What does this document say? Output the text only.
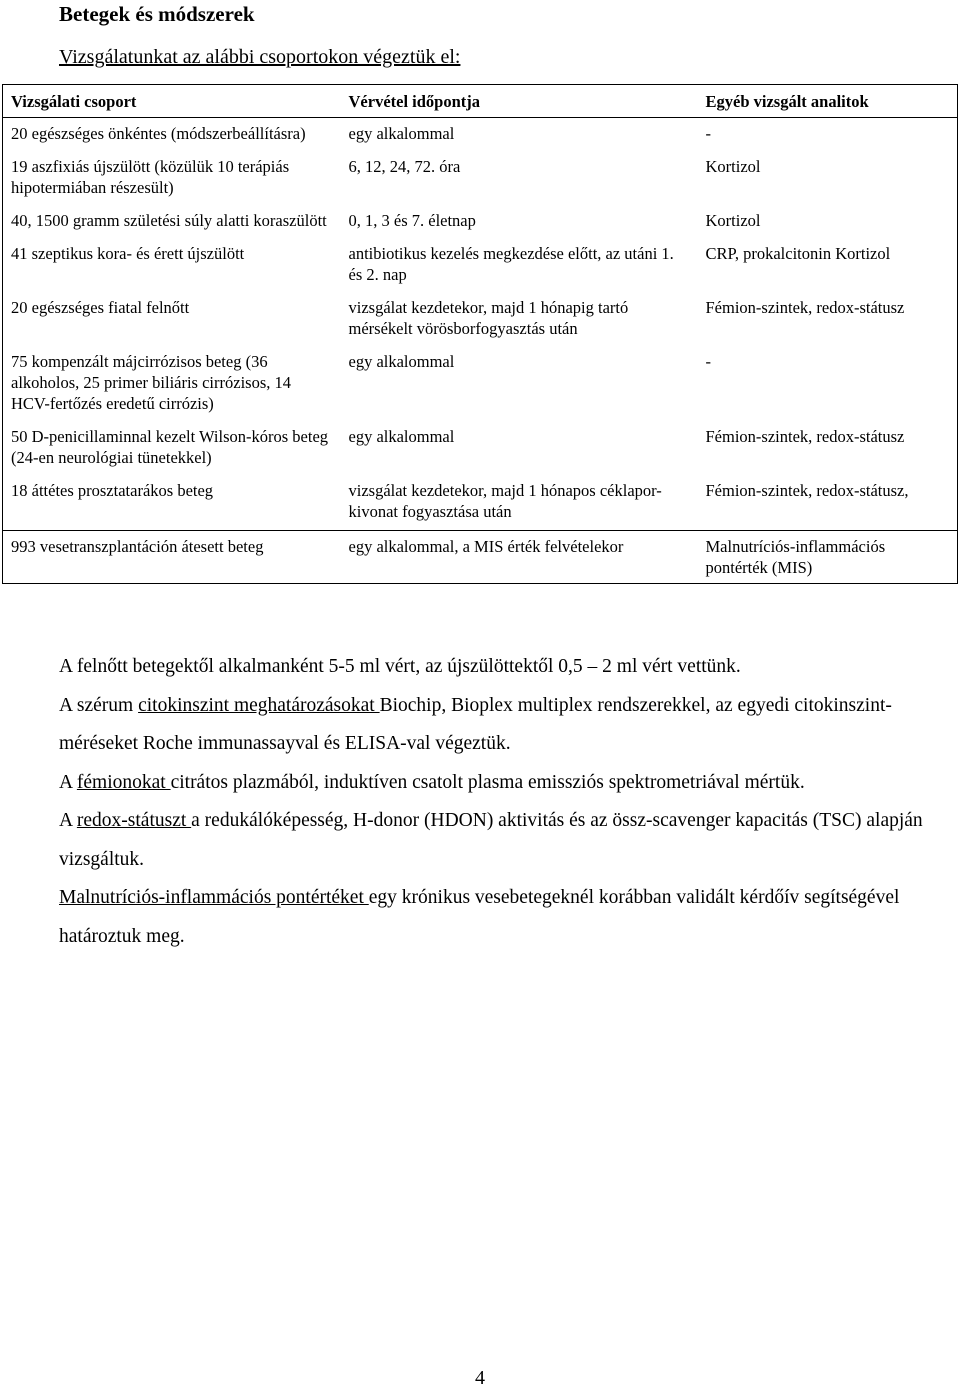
Betegek és módszerek

Vizsgálatunkat az alábbi csoportokon végeztük el:

Vizsgálati csoport	Vérvétel időpontja	Egyéb vizsgált analitok
20 egészséges önkéntes (módszerbeállításra)	egy alkalommal	-
19 aszfixiás újszülött (közülük 10 terápiás hipotermiában részesült)	6, 12, 24, 72. óra	Kortizol
40, 1500 gramm születési súly alatti koraszülött	0, 1, 3 és 7. életnap	Kortizol
41 szeptikus kora- és érett újszülött	antibiotikus kezelés megkezdése előtt, az utáni 1. és 2. nap	CRP, prokalcitonin Kortizol
20 egészséges fiatal felnőtt	vizsgálat kezdetekor, majd 1 hónapig tartó mérsékelt vörösborfogyasztás után	Fémion-szintek, redox-státusz
75 kompenzált májcirrózisos beteg (36 alkoholos, 25 primer biliáris cirrózisos, 14 HCV-fertőzés eredetű cirrózis)	egy alkalommal	-
50 D-penicillaminnal kezelt Wilson-kóros beteg (24-en neurológiai tünetekkel)	egy alkalommal	Fémion-szintek, redox-státusz
18 áttétes prosztatarákos beteg	vizsgálat kezdetekor, majd 1 hónapos céklapor-kivonat fogyasztása után	Fémion-szintek, redox-státusz,
993 vesetranszplantáción átesett beteg	egy alkalommal, a MIS érték felvételekor	Malnutríciós-inflammációs pontérték (MIS)

A felnőtt betegektől alkalmanként 5-5 ml vért, az újszülöttektől 0,5 – 2 ml vért vettünk.

A szérum citokinszint meghatározásokat Biochip, Bioplex multiplex rendszerekkel, az egyedi citokinszint-méréseket Roche immunassayval és ELISA-val végeztük.

A fémionokat citrátos plazmából, induktíven csatolt plasma emissziós spektrometriával mértük.

A redox-státuszt a redukálóképesség, H-donor (HDON) aktivitás és az össz-scavenger kapacitás (TSC) alapján vizsgáltuk.

Malnutríciós-inflammációs pontértéket egy krónikus vesebetegeknél korábban validált kérdőív segítségével határoztuk meg.

4
